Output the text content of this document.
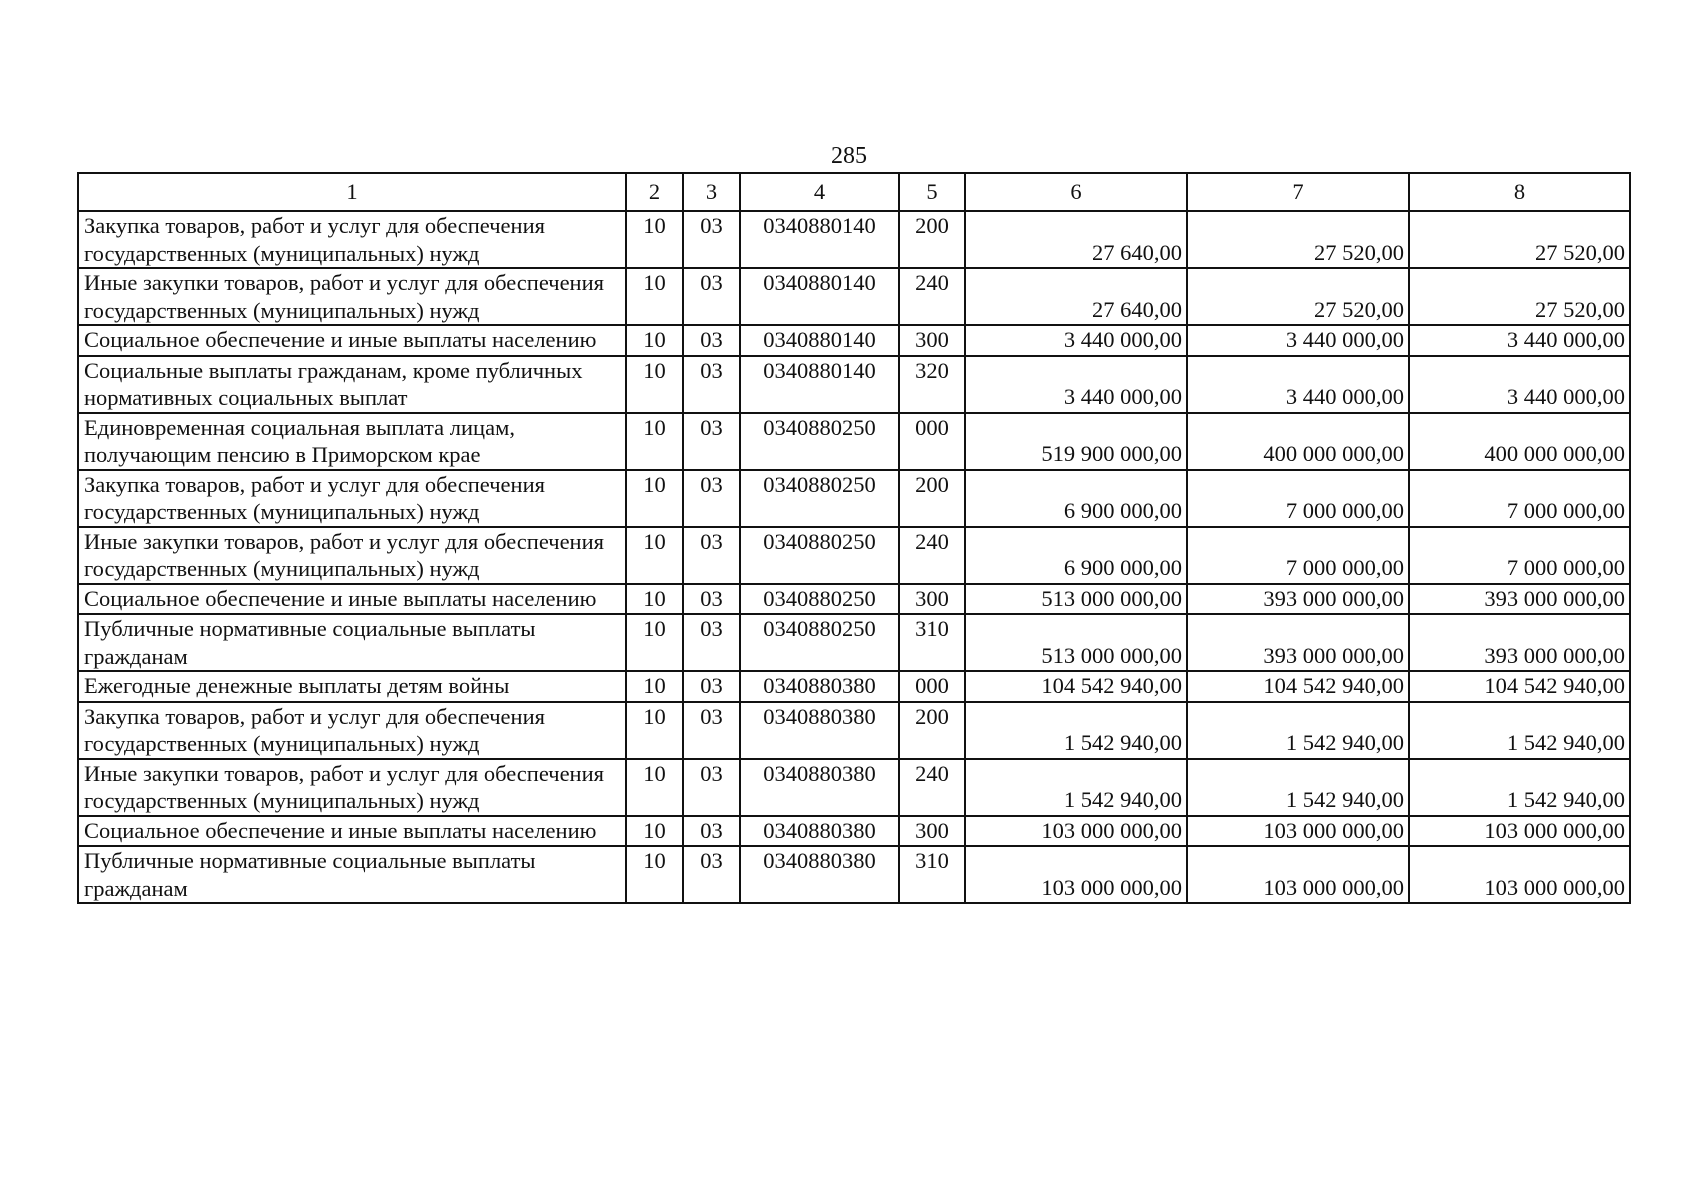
285
1	2	3	4	5	6	7	8
Закупка товаров, работ и услуг для обеспечения государственных (муниципальных) нужд	10	03	0340880140	200	27 640,00	27 520,00	27 520,00
Иные закупки товаров, работ и услуг для обеспечения государственных (муниципальных) нужд	10	03	0340880140	240	27 640,00	27 520,00	27 520,00
Социальное обеспечение и иные выплаты населению	10	03	0340880140	300	3 440 000,00	3 440 000,00	3 440 000,00
Социальные выплаты гражданам, кроме публичных нормативных социальных выплат	10	03	0340880140	320	3 440 000,00	3 440 000,00	3 440 000,00
Единовременная социальная выплата лицам, получающим пенсию в Приморском крае	10	03	0340880250	000	519 900 000,00	400 000 000,00	400 000 000,00
Закупка товаров, работ и услуг для обеспечения государственных (муниципальных) нужд	10	03	0340880250	200	6 900 000,00	7 000 000,00	7 000 000,00
Иные закупки товаров, работ и услуг для обеспечения государственных (муниципальных) нужд	10	03	0340880250	240	6 900 000,00	7 000 000,00	7 000 000,00
Социальное обеспечение и иные выплаты населению	10	03	0340880250	300	513 000 000,00	393 000 000,00	393 000 000,00
Публичные нормативные социальные выплаты гражданам	10	03	0340880250	310	513 000 000,00	393 000 000,00	393 000 000,00
Ежегодные денежные выплаты детям войны	10	03	0340880380	000	104 542 940,00	104 542 940,00	104 542 940,00
Закупка товаров, работ и услуг для обеспечения государственных (муниципальных) нужд	10	03	0340880380	200	1 542 940,00	1 542 940,00	1 542 940,00
Иные закупки товаров, работ и услуг для обеспечения государственных (муниципальных) нужд	10	03	0340880380	240	1 542 940,00	1 542 940,00	1 542 940,00
Социальное обеспечение и иные выплаты населению	10	03	0340880380	300	103 000 000,00	103 000 000,00	103 000 000,00
Публичные нормативные социальные выплаты гражданам	10	03	0340880380	310	103 000 000,00	103 000 000,00	103 000 000,00
